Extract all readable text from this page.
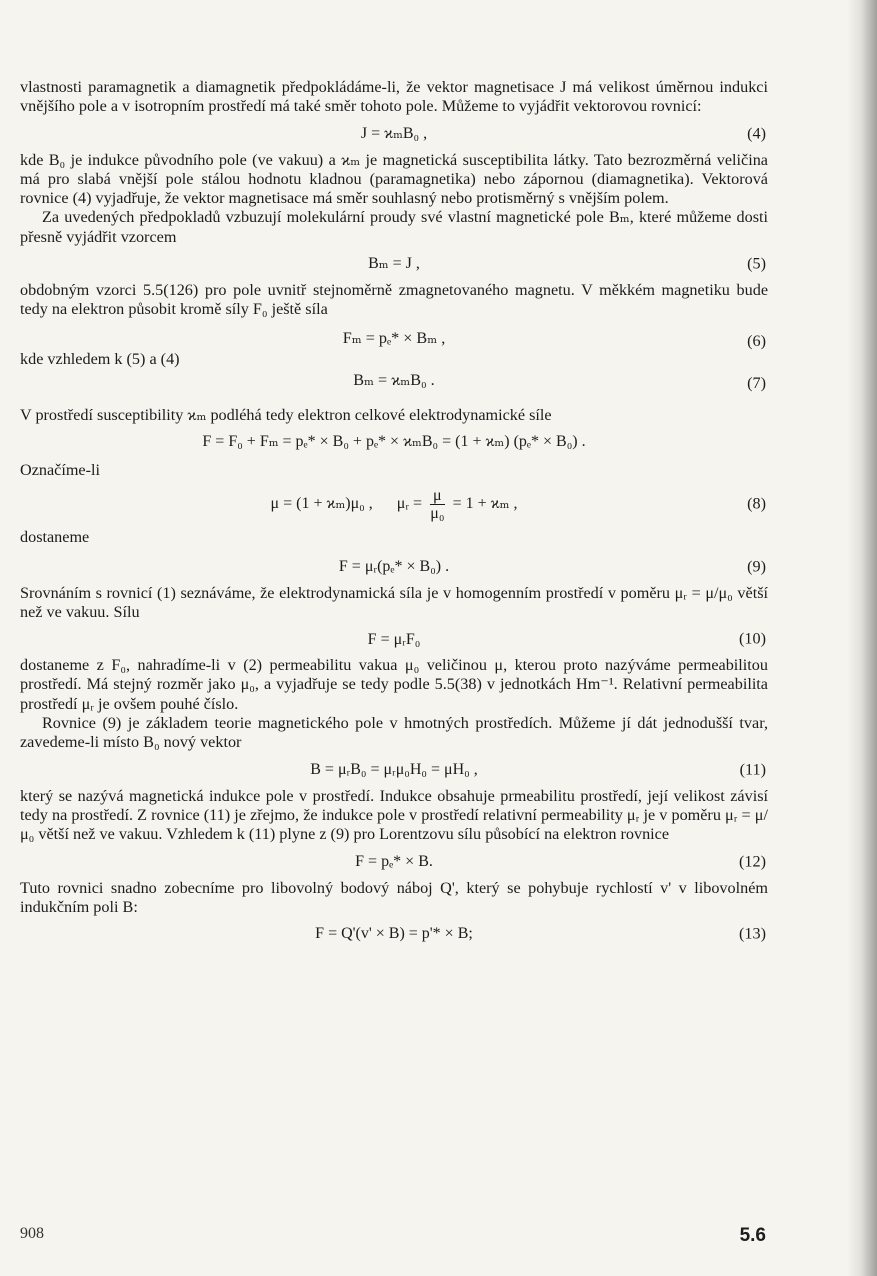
vlastnosti paramagnetik a diamagnetik předpokládáme-li, že vektor magnetisace J má velikost úměrnou indukci vnějšího pole a v isotropním prostředí má také směr tohoto pole. Můžeme to vyjádřit vektorovou rovnicí:

J = ϰₘB₀ ,	(4)

kde B₀ je indukce původního pole (ve vakuu) a ϰₘ je magnetická susceptibilita látky. Tato bezrozměrná veličina má pro slabá vnější pole stálou hodnotu kladnou (paramagnetika) nebo zápornou (diamagnetika). Vektorová rovnice (4) vyjadřuje, že vektor magnetisace má směr souhlasný nebo protisměrný s vnějším polem.

Za uvedených předpokladů vzbuzují molekulární proudy své vlastní magnetické pole Bₘ, které můžeme dosti přesně vyjádřit vzorcem

Bₘ = J ,	(5)

obdobným vzorci 5.5(126) pro pole uvnitř stejnoměrně zmagnetovaného magnetu. V měkkém magnetiku bude tedy na elektron působit kromě síly F₀ ještě síla

Fₘ = pₑ* × Bₘ ,	(6)
kde vzhledem k (5) a (4)
Bₘ = ϰₘB₀ .	(7)

V prostředí susceptibility ϰₘ podléhá tedy elektron celkové elektrodynamické síle

F = F₀ + Fₘ = pₑ* × B₀ + pₑ* × ϰₘB₀ = (1 + ϰₘ) (pₑ* × B₀) .

Označíme-li

μ = (1 + ϰₘ)μ₀ , μᵣ = $\frac{\mu}{\text{μ₀}} = 1 + ϰ_m$ ,	(8)

dostaneme

F = μᵣ(pₑ* × B₀) .	(9)

Srovnáním s rovnicí (1) seznáváme, že elektrodynamická síla je v homogenním prostředí v poměru μᵣ = μ/μ₀ větší než ve vakuu. Sílu

F = μᵣF₀	(10)

dostaneme z F₀, nahradíme-li v (2) permeabilitu vakua μ₀ veličinou μ, kterou proto nazýváme permeabilitou prostředí. Má stejný rozměr jako μ₀, a vyjadřuje se tedy podle 5.5(38) v jednotkách Hm⁻¹. Relativní permeabilita prostředí μᵣ je ovšem pouhé číslo.

Rovnice (9) je základem teorie magnetického pole v hmotných prostředích. Můžeme jí dát jednodušší tvar, zavedeme-li místo B₀ nový vektor

B = μᵣB₀ = μᵣμ₀H₀ = μH₀ ,	(11)

který se nazývá magnetická indukce pole v prostředí. Indukce obsahuje prmeabilitu prostředí, její velikost závisí tedy na prostředí. Z rovnice (11) je zřejmo, že indukce pole v prostředí relativní permeability μᵣ je v poměru μᵣ = μ/μ₀ větší než ve vakuu. Vzhledem k (11) plyne z (9) pro Lorentzovu sílu působící na elektron rovnice

F = pₑ* × B.	(12)

Tuto rovnici snadno zobecníme pro libovolný bodový náboj Q', který se pohybuje rychlostí v' v libovolném indukčním poli B:

F = Q'(v' × B) = p'* × B;	(13)
908	5.6
